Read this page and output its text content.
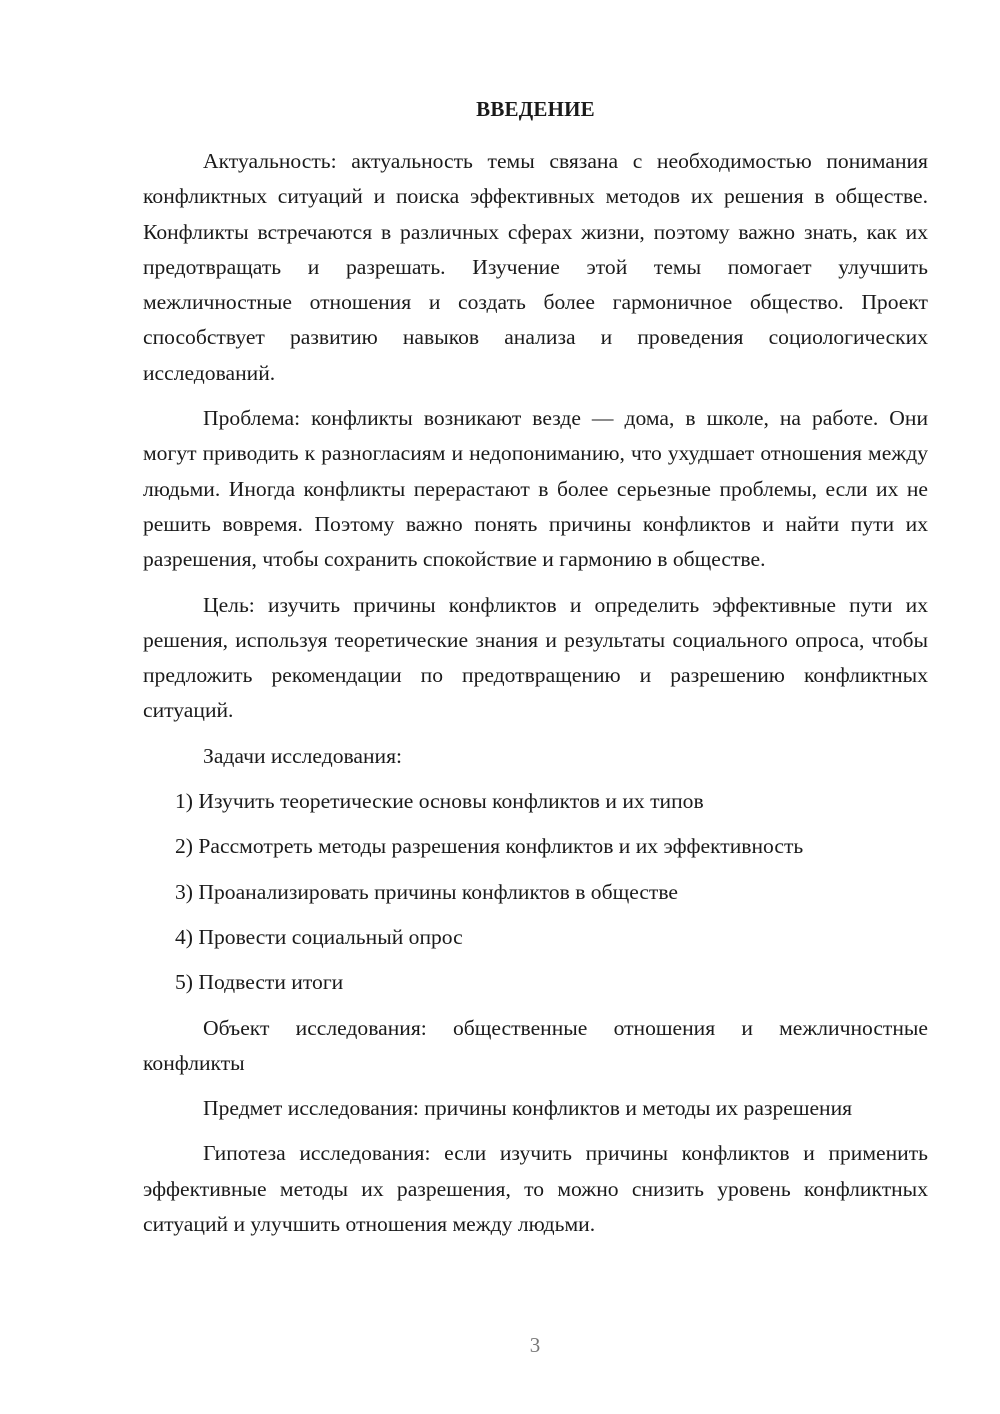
ВВЕДЕНИЕ

Актуальность: актуальность темы связана с необходимостью понимания конфликтных ситуаций и поиска эффективных методов их решения в обществе. Конфликты встречаются в различных сферах жизни, поэтому важно знать, как их предотвращать и разрешать. Изучение этой темы помогает улучшить межличностные отношения и создать более гармоничное общество. Проект способствует развитию навыков анализа и проведения социологических исследований.

Проблема: конфликты возникают везде — дома, в школе, на работе. Они могут приводить к разногласиям и недопониманию, что ухудшает отношения между людьми. Иногда конфликты перерастают в более серьезные проблемы, если их не решить вовремя. Поэтому важно понять причины конфликтов и найти пути их разрешения, чтобы сохранить спокойствие и гармонию в обществе.

Цель: изучить причины конфликтов и определить эффективные пути их решения, используя теоретические знания и результаты социального опроса, чтобы предложить рекомендации по предотвращению и разрешению конфликтных ситуаций.

Задачи исследования:

1) Изучить теоретические основы конфликтов и их типов
2) Рассмотреть методы разрешения конфликтов и их эффективность
3) Проанализировать причины конфликтов в обществе
4) Провести социальный опрос
5) Подвести итоги

Объект исследования: общественные отношения и межличностные конфликты

Предмет исследования: причины конфликтов и методы их разрешения

Гипотеза исследования: если изучить причины конфликтов и применить эффективные методы их разрешения, то можно снизить уровень конфликтных ситуаций и улучшить отношения между людьми.

3
